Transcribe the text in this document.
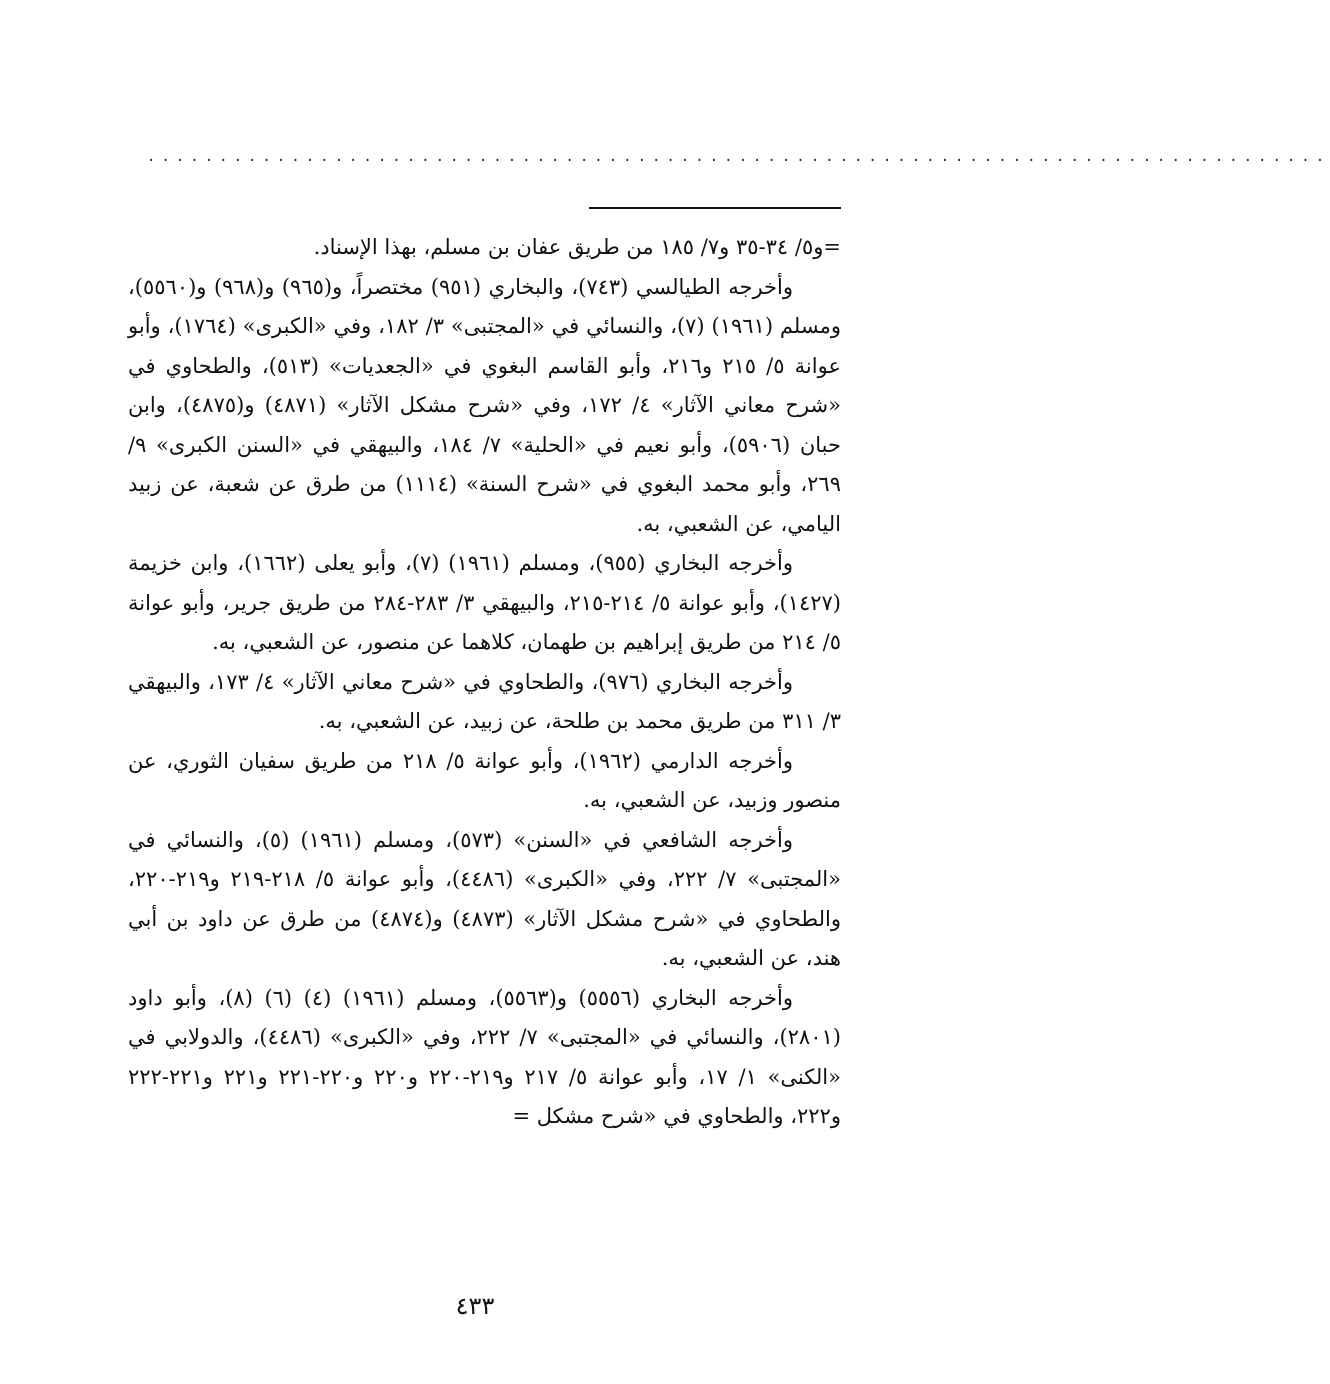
..................................................................................

=و٥/ ٣٤-٣٥ و٧/ ١٨٥ من طريق عفان بن مسلم، بهذا الإسناد.

وأخرجه الطيالسي (٧٤٣)، والبخاري (٩٥١) مختصراً، و(٩٦٥) و(٩٦٨) و(٥٥٦٠)، ومسلم (١٩٦١) (٧)، والنسائي في «المجتبى» ٣/ ١٨٢، وفي «الكبرى» (١٧٦٤)، وأبو عوانة ٥/ ٢١٥ و٢١٦، وأبو القاسم البغوي في «الجعديات» (٥١٣)، والطحاوي في «شرح معاني الآثار» ٤/ ١٧٢، وفي «شرح مشكل الآثار» (٤٨٧١) و(٤٨٧٥)، وابن حبان (٥٩٠٦)، وأبو نعيم في «الحلية» ٧/ ١٨٤، والبيهقي في «السنن الكبرى» ٩/ ٢٦٩، وأبو محمد البغوي في «شرح السنة» (١١١٤) من طرق عن شعبة، عن زبيد اليامي، عن الشعبي، به.

وأخرجه البخاري (٩٥٥)، ومسلم (١٩٦١) (٧)، وأبو يعلى (١٦٦٢)، وابن خزيمة (١٤٢٧)، وأبو عوانة ٥/ ٢١٤-٢١٥، والبيهقي ٣/ ٢٨٣-٢٨٤ من طريق جرير، وأبو عوانة ٥/ ٢١٤ من طريق إبراهيم بن طهمان، كلاهما عن منصور، عن الشعبي، به.

وأخرجه البخاري (٩٧٦)، والطحاوي في «شرح معاني الآثار» ٤/ ١٧٣، والبيهقي ٣/ ٣١١ من طريق محمد بن طلحة، عن زبيد، عن الشعبي، به.

وأخرجه الدارمي (١٩٦٢)، وأبو عوانة ٥/ ٢١٨ من طريق سفيان الثوري، عن منصور وزبيد، عن الشعبي، به.

وأخرجه الشافعي في «السنن» (٥٧٣)، ومسلم (١٩٦١) (٥)، والنسائي في «المجتبى» ٧/ ٢٢٢، وفي «الكبرى» (٤٤٨٦)، وأبو عوانة ٥/ ٢١٨-٢١٩ و٢١٩-٢٢٠، والطحاوي في «شرح مشكل الآثار» (٤٨٧٣) و(٤٨٧٤) من طرق عن داود بن أبي هند، عن الشعبي، به.

وأخرجه البخاري (٥٥٥٦) و(٥٥٦٣)، ومسلم (١٩٦١) (٤) (٦) (٨)، وأبو داود (٢٨٠١)، والنسائي في «المجتبى» ٧/ ٢٢٢، وفي «الكبرى» (٤٤٨٦)، والدولابي في «الكنى» ١/ ١٧، وأبو عوانة ٥/ ٢١٧ و٢١٩-٢٢٠ و٢٢٠ و٢٢٠-٢٢١ و٢٢١ و٢٢١-٢٢٢ و٢٢٢، والطحاوي في «شرح مشكل =

٤٣٣
